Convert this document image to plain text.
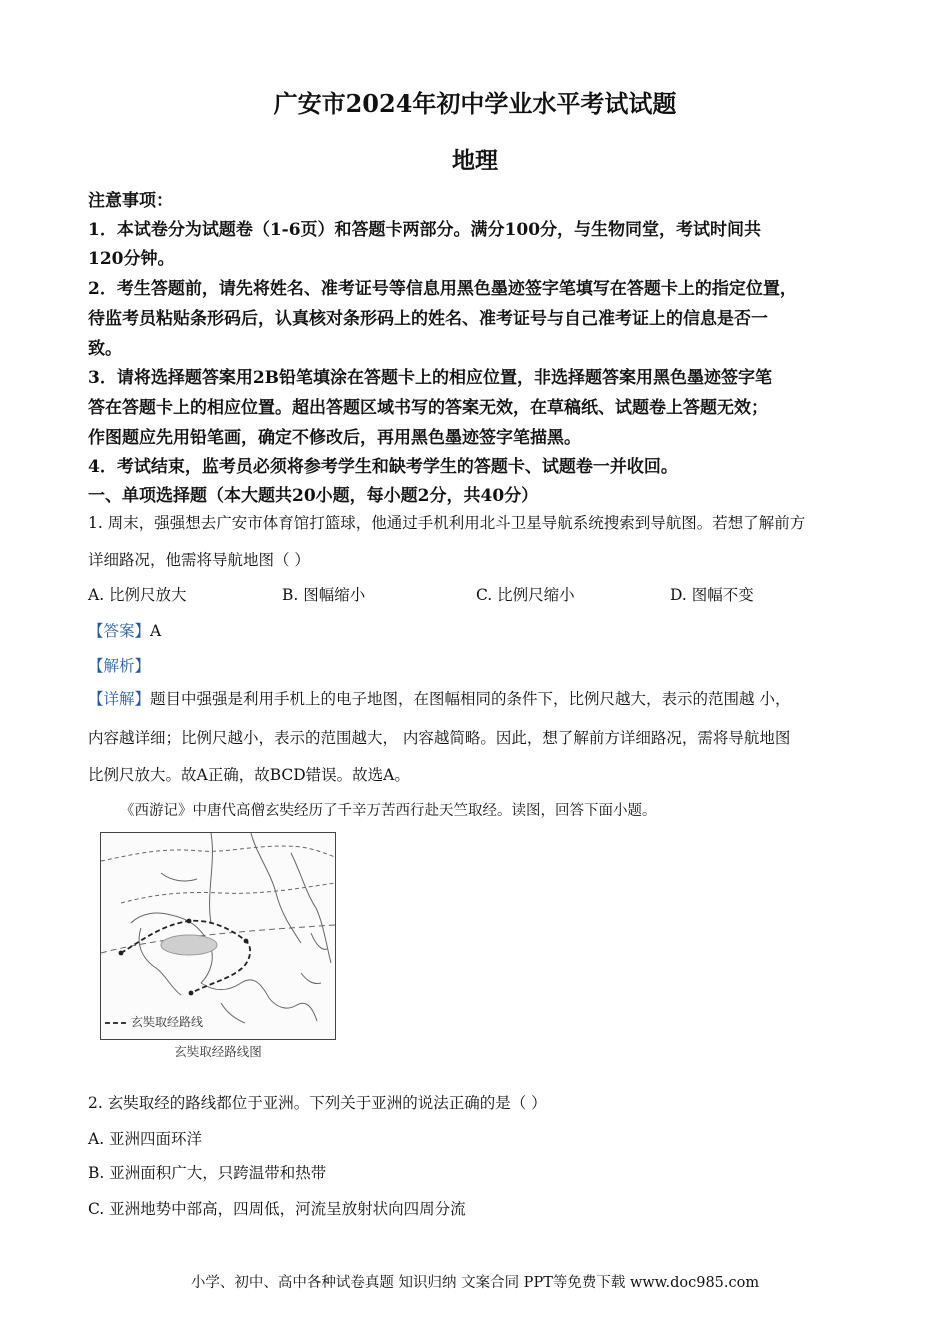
广安市2024年初中学业水平考试试题
地理
注意事项：
1．本试卷分为试题卷（1-6页）和答题卡两部分。满分100分，与生物同堂，考试时间共
120分钟。
2．考生答题前，请先将姓名、准考证号等信息用黑色墨迹签字笔填写在答题卡上的指定位置，
待监考员粘贴条形码后，认真核对条形码上的姓名、准考证号与自己准考证上的信息是否一
致。
3．请将选择题答案用2B铅笔填涂在答题卡上的相应位置，非选择题答案用黑色墨迹签字笔
答在答题卡上的相应位置。超出答题区域书写的答案无效，在草稿纸、试题卷上答题无效；
作图题应先用铅笔画，确定不修改后，再用黑色墨迹签字笔描黑。
4．考试结束，监考员必须将参考学生和缺考学生的答题卡、试题卷一并收回。
一、单项选择题（本大题共20小题，每小题2分，共40分）
1. 周末，强强想去广安市体育馆打篮球，他通过手机利用北斗卫星导航系统搜索到导航图。若想了解前方
详细路况，他需将导航地图（ ）
A. 比例尺放大	B. 图幅缩小	C. 比例尺缩小	D. 图幅不变
【答案】A
【解析】
【详解】题目中强强是利用手机上的电子地图，在图幅相同的条件下，比例尺越大，表示的范围越 小，
内容越详细；比例尺越小，表示的范围越大， 内容越简略。因此，想了解前方详细路况，需将导航地图
比例尺放大。故A正确，故BCD错误。故选A。
《西游记》中唐代高僧玄奘经历了千辛万苦西行赴天竺取经。读图，回答下面小题。
玄奘取经路线
玄奘取经路线图
2. 玄奘取经的路线都位于亚洲。下列关于亚洲的说法正确的是（ ）
A. 亚洲四面环洋
B. 亚洲面积广大，只跨温带和热带
C. 亚洲地势中部高，四周低，河流呈放射状向四周分流
小学、初中、高中各种试卷真题 知识归纳 文案合同 PPT等免费下载 www.doc985.com
